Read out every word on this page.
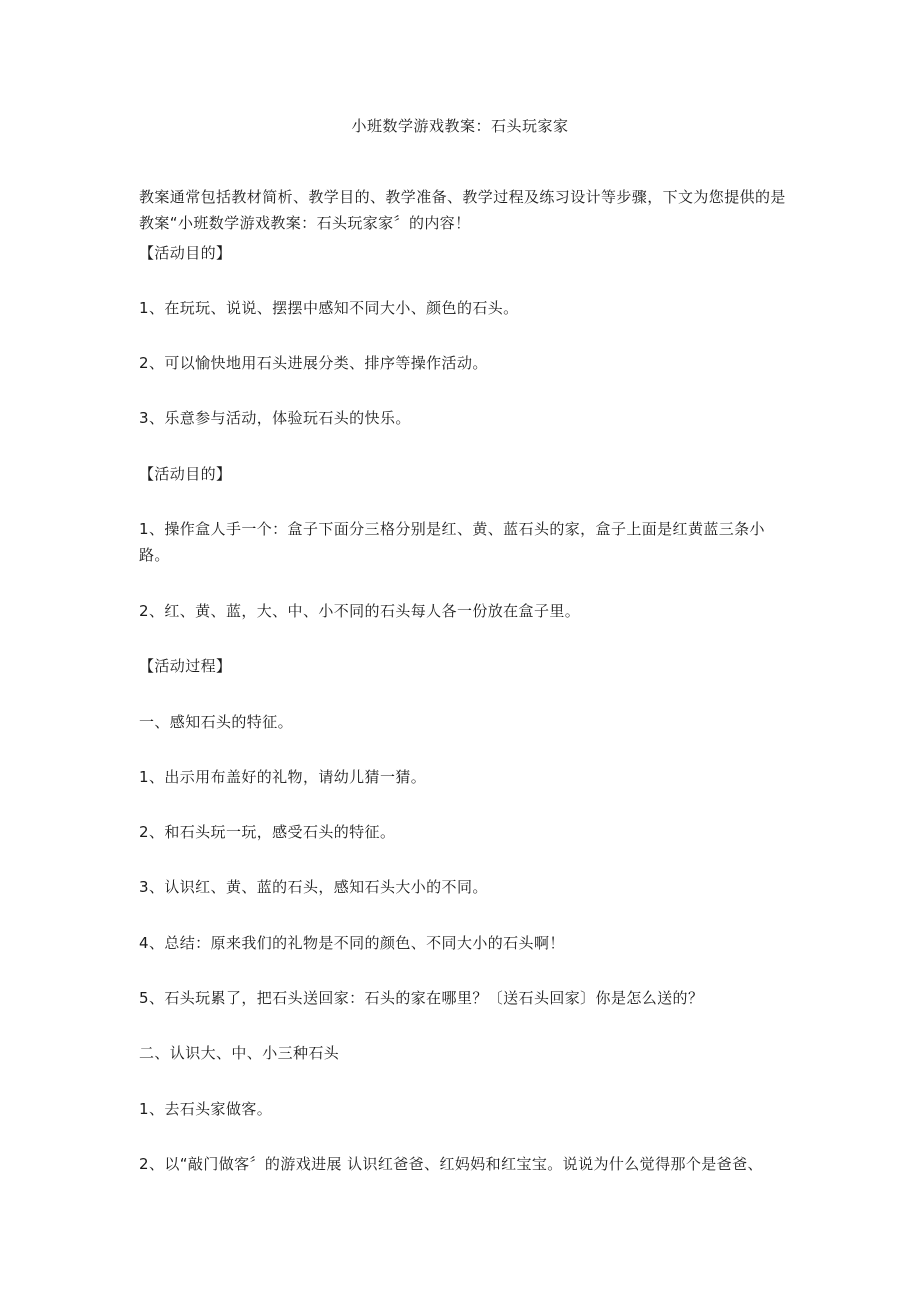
小班数学游戏教案：石头玩家家

教案通常包括教材简析、教学目的、教学准备、教学过程及练习设计等步骤，下文为您提供的是教案“小班数学游戏教案：石头玩家家〞的内容！

【活动目的】

1、在玩玩、说说、摆摆中感知不同大小、颜色的石头。

2、可以愉快地用石头进展分类、排序等操作活动。

3、乐意参与活动，体验玩石头的快乐。

【活动目的】

1、操作盒人手一个：盒子下面分三格分别是红、黄、蓝石头的家，盒子上面是红黄蓝三条小路。

2、红、黄、蓝，大、中、小不同的石头每人各一份放在盒子里。

【活动过程】

一、感知石头的特征。

1、出示用布盖好的礼物，请幼儿猜一猜。

2、和石头玩一玩，感受石头的特征。

3、认识红、黄、蓝的石头，感知石头大小的不同。

4、总结：原来我们的礼物是不同的颜色、不同大小的石头啊！

5、石头玩累了，把石头送回家：石头的家在哪里？〔送石头回家〕你是怎么送的？

二、认识大、中、小三种石头

1、去石头家做客。

2、以“敲门做客〞的游戏进展 认识红爸爸、红妈妈和红宝宝。说说为什么觉得那个是爸爸、
